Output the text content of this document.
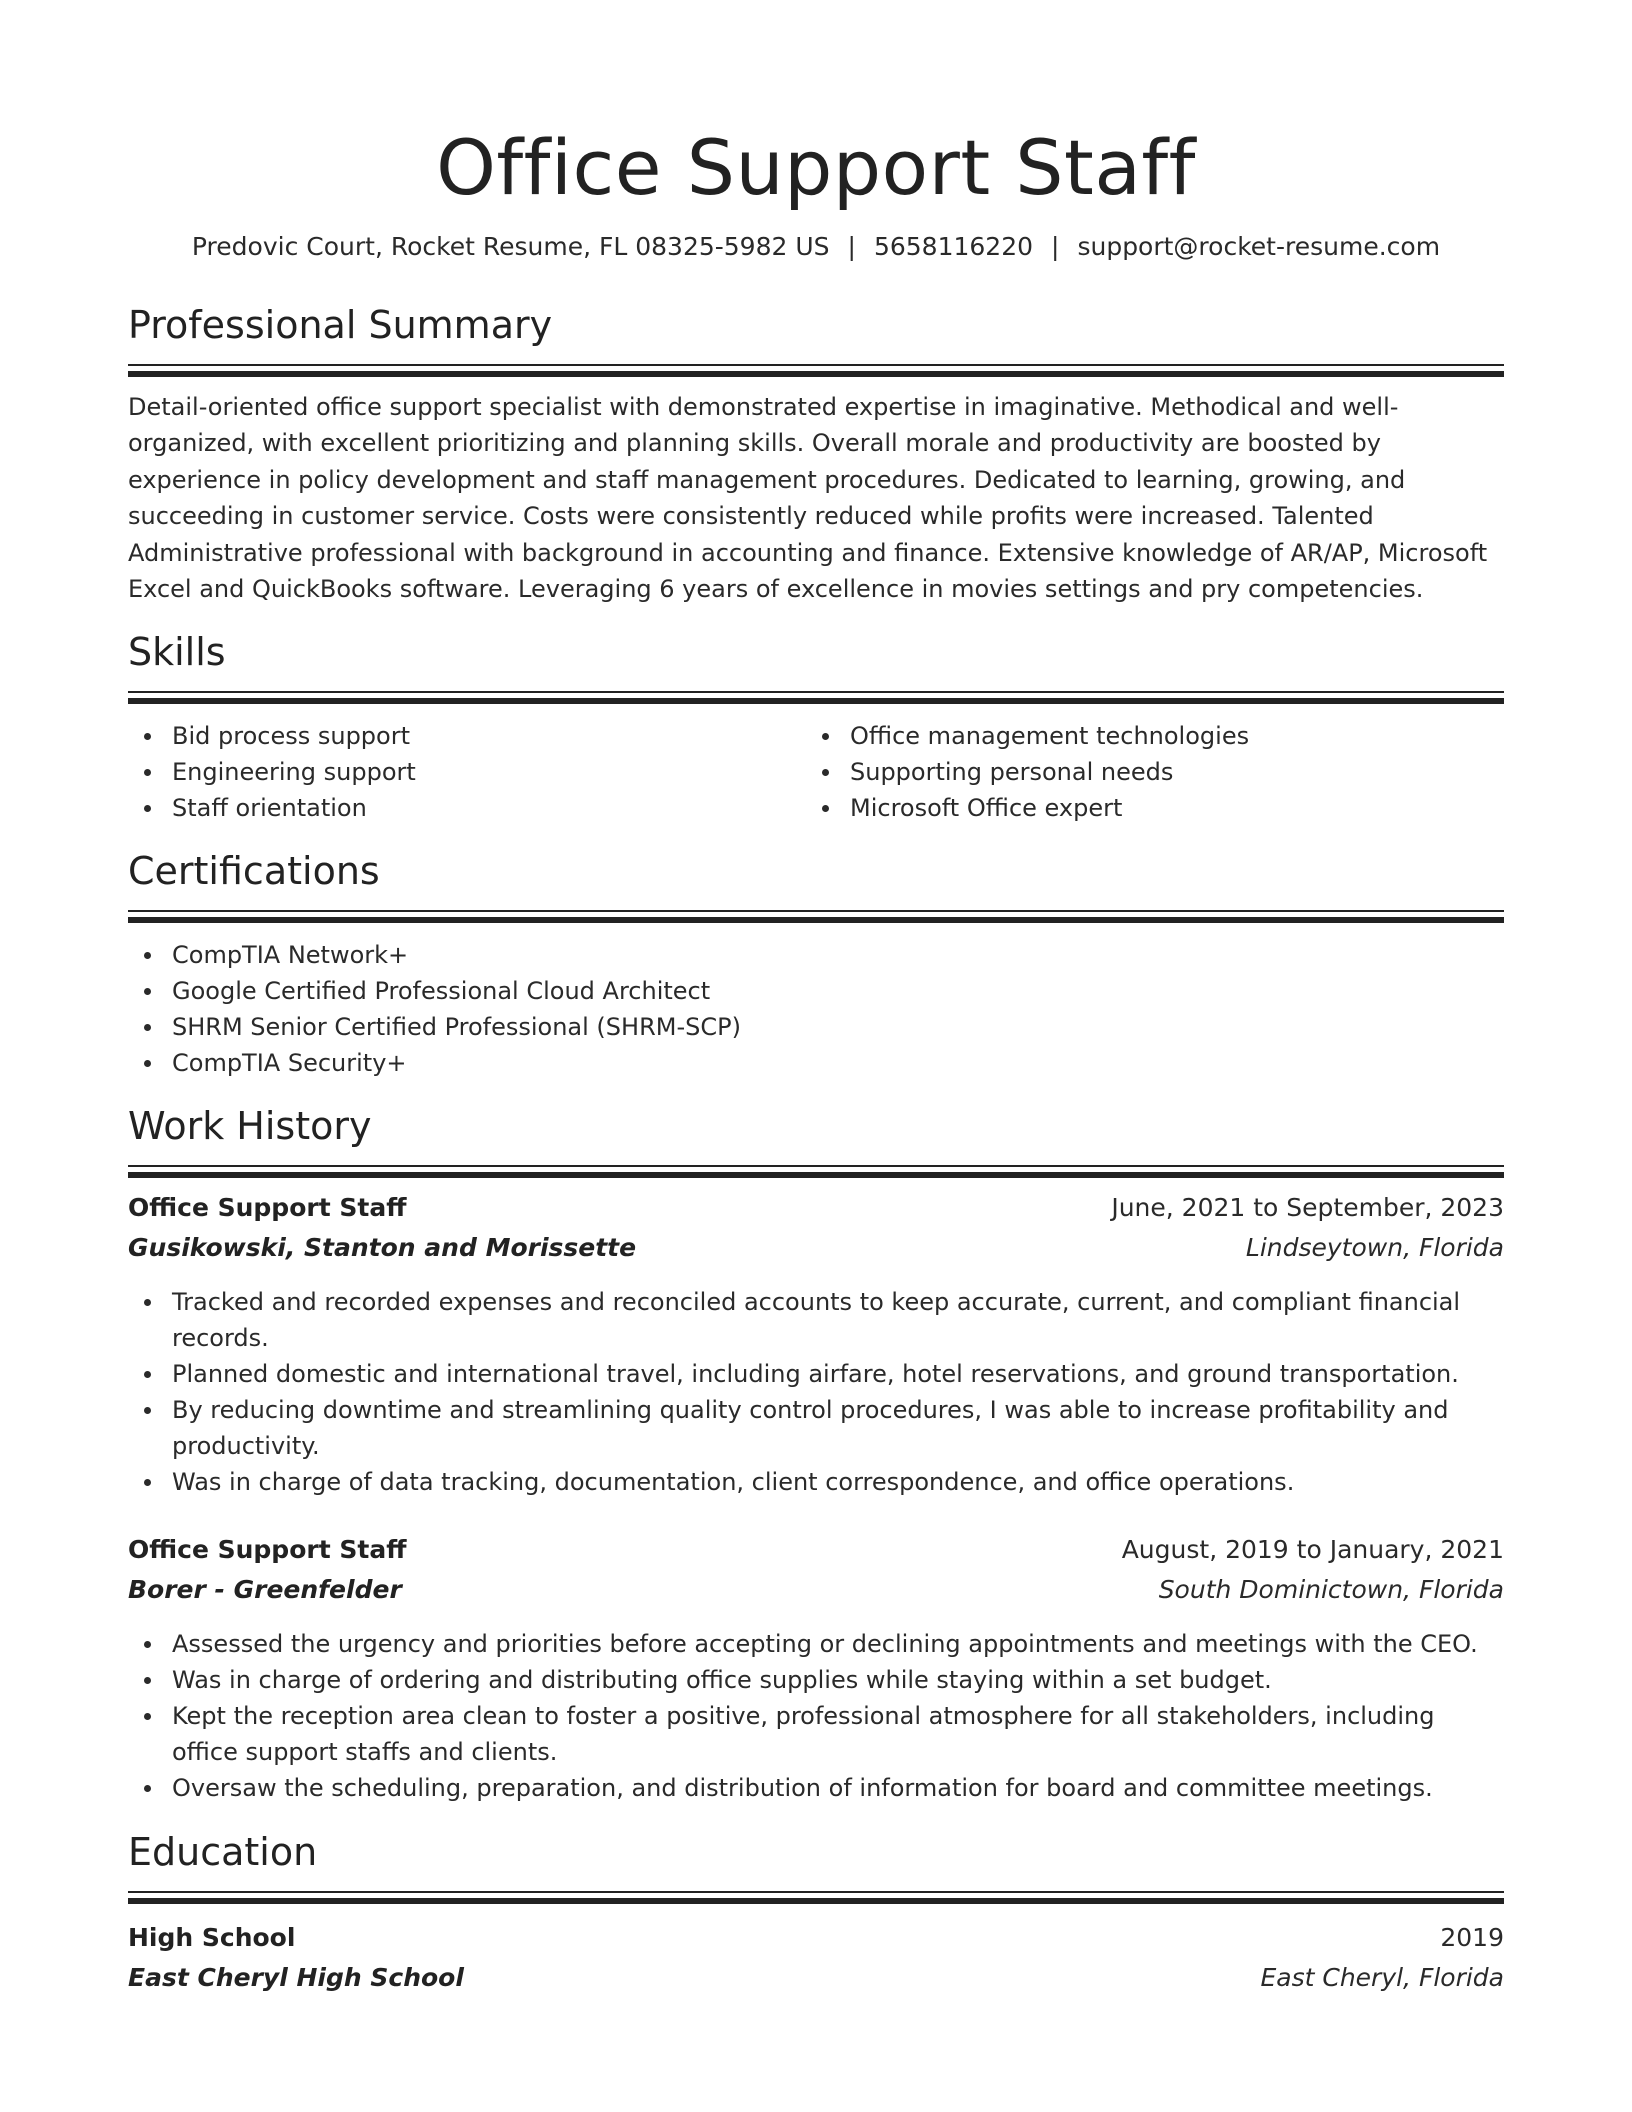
Office Support Staff
Predovic Court, Rocket Resume, FL 08325-5982 US | 5658116220 | support@rocket-resume.com
Professional Summary
Detail-oriented office support specialist with demonstrated expertise in imaginative. Methodical and well-organized, with excellent prioritizing and planning skills. Overall morale and productivity are boosted by experience in policy development and staff management procedures. Dedicated to learning, growing, and succeeding in customer service. Costs were consistently reduced while profits were increased. Talented Administrative professional with background in accounting and finance. Extensive knowledge of AR/AP, Microsoft Excel and QuickBooks software. Leveraging 6 years of excellence in movies settings and pry competencies.
Skills
Bid process support
Engineering support
Staff orientation
Office management technologies
Supporting personal needs
Microsoft Office expert
Certifications
CompTIA Network+
Google Certified Professional Cloud Architect
SHRM Senior Certified Professional (SHRM-SCP)
CompTIA Security+
Work History
Office Support Staff	June, 2021 to September, 2023
Gusikowski, Stanton and Morissette	Lindseytown, Florida
Tracked and recorded expenses and reconciled accounts to keep accurate, current, and compliant financial records.
Planned domestic and international travel, including airfare, hotel reservations, and ground transportation.
By reducing downtime and streamlining quality control procedures, I was able to increase profitability and productivity.
Was in charge of data tracking, documentation, client correspondence, and office operations.
Office Support Staff	August, 2019 to January, 2021
Borer - Greenfelder	South Dominictown, Florida
Assessed the urgency and priorities before accepting or declining appointments and meetings with the CEO.
Was in charge of ordering and distributing office supplies while staying within a set budget.
Kept the reception area clean to foster a positive, professional atmosphere for all stakeholders, including office support staffs and clients.
Oversaw the scheduling, preparation, and distribution of information for board and committee meetings.
Education
High School	2019
East Cheryl High School	East Cheryl, Florida
